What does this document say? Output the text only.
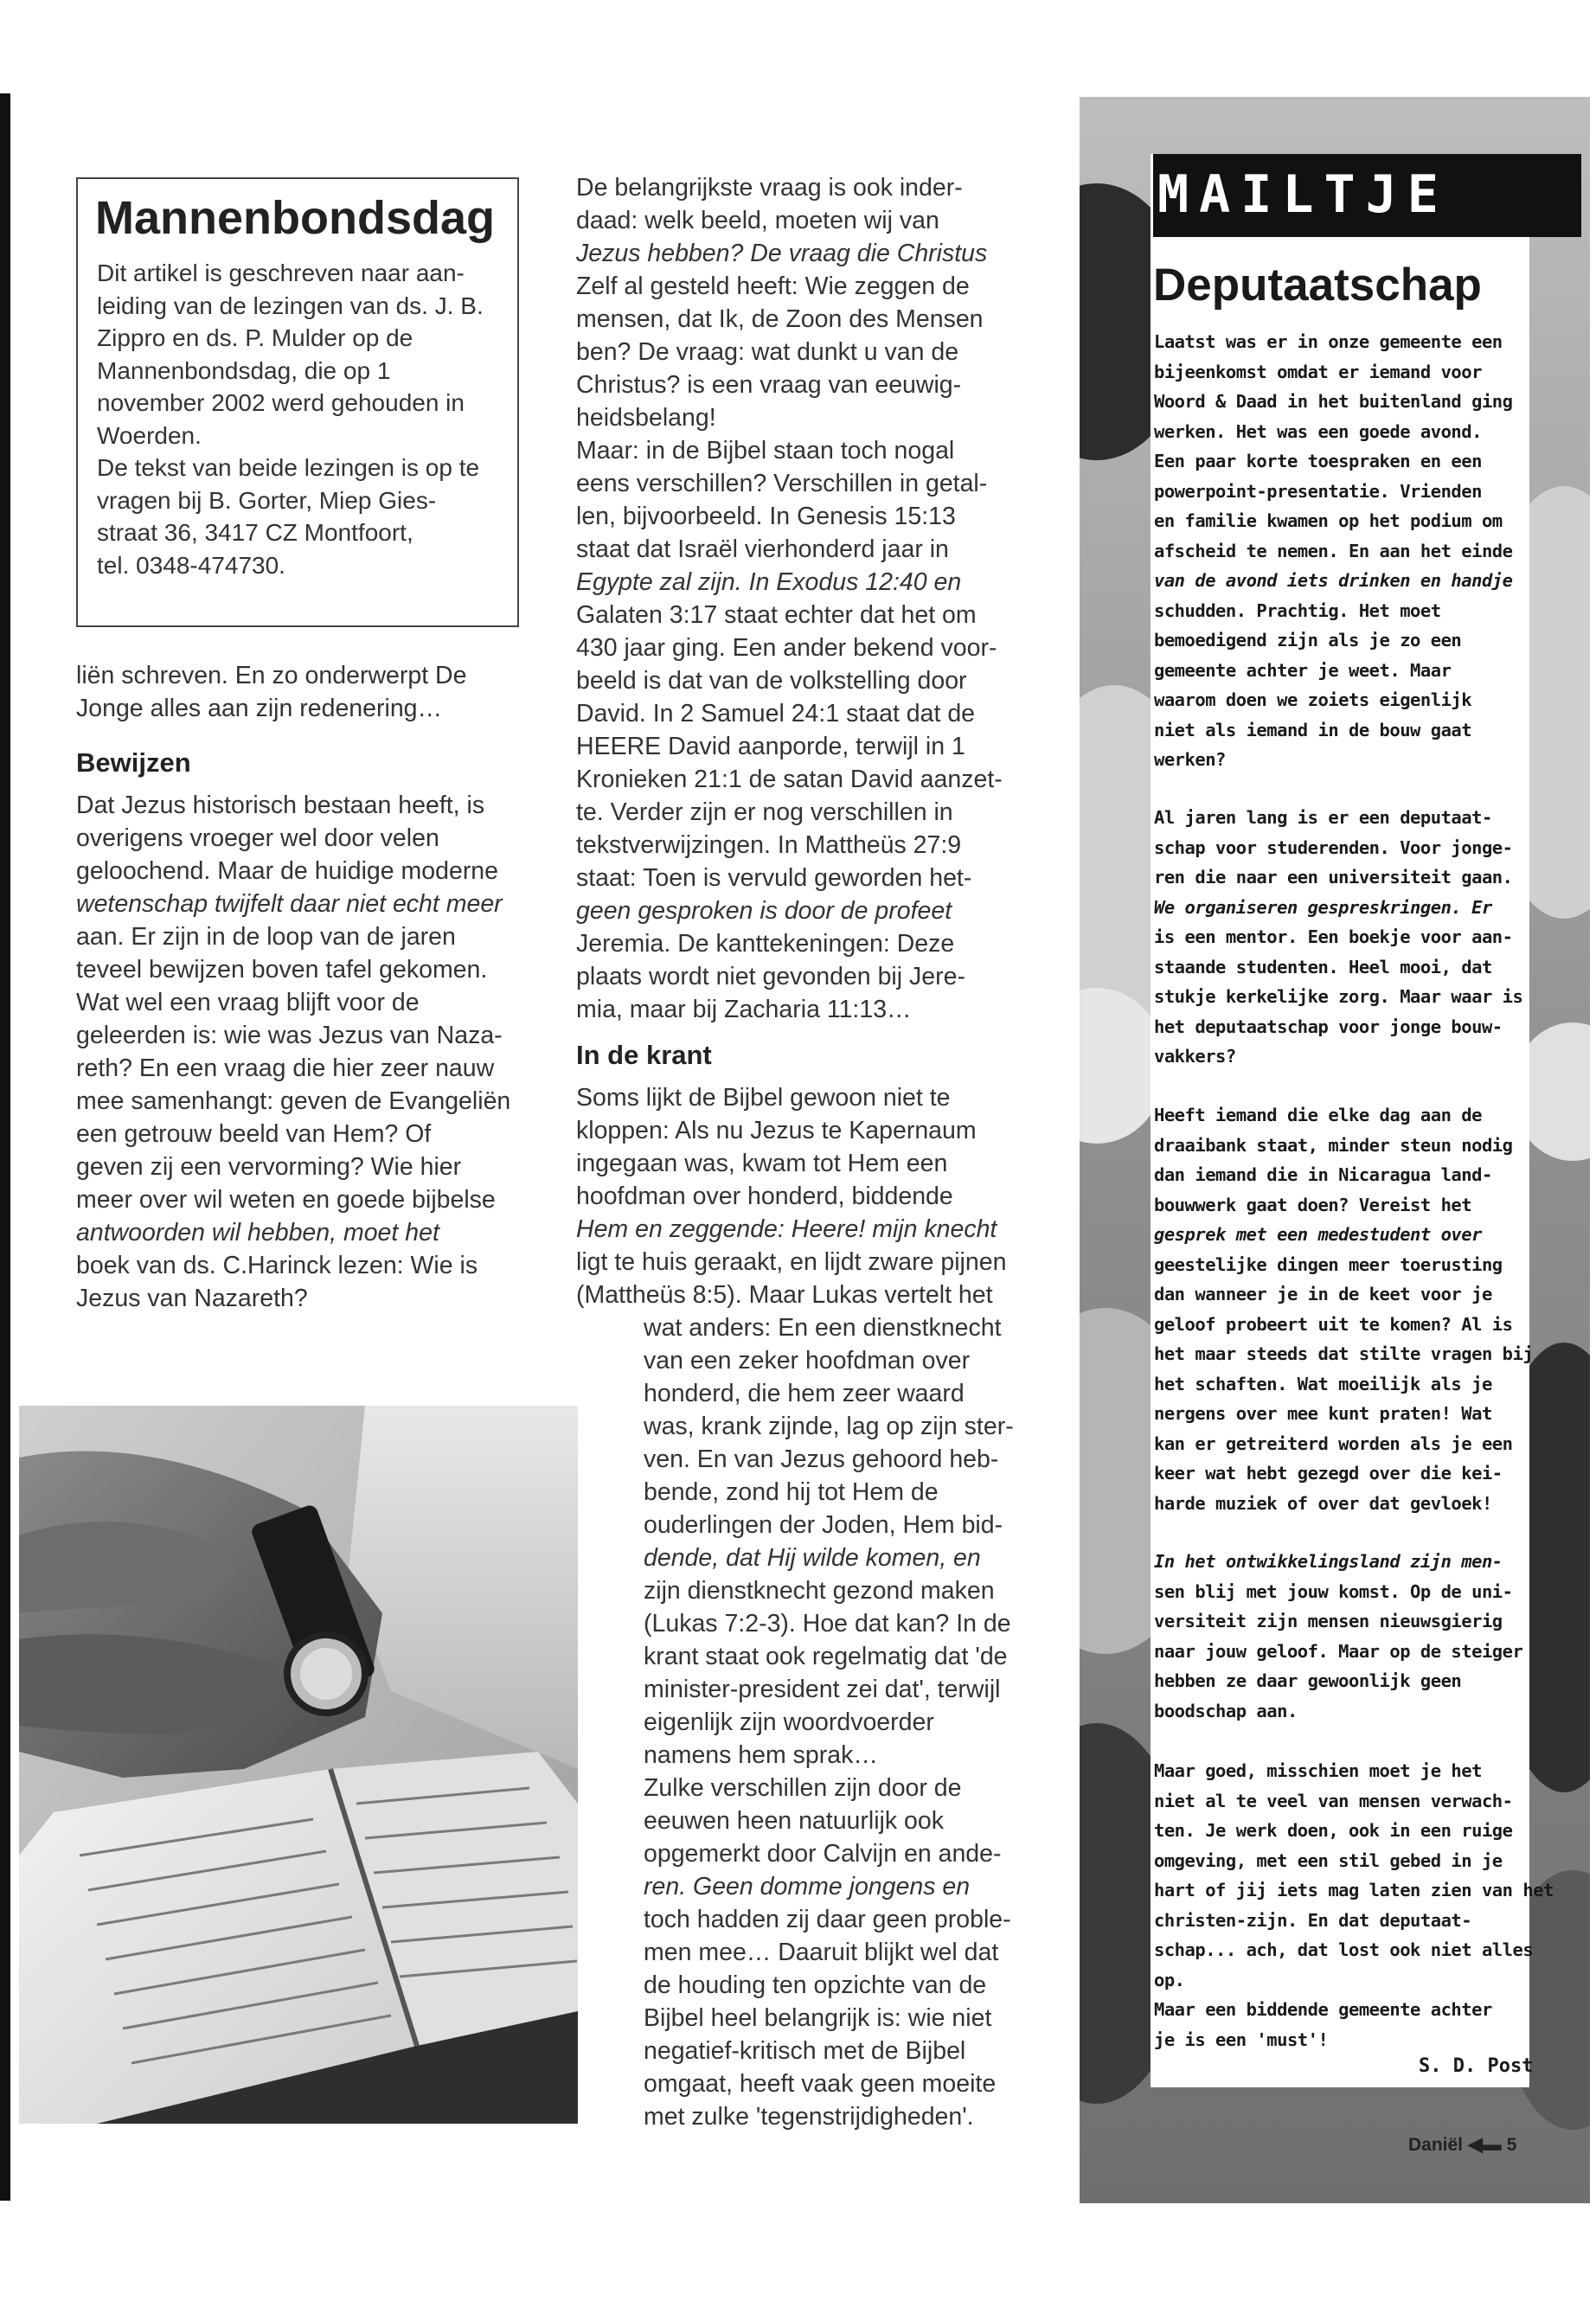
Mannenbondsdag
Dit artikel is geschreven naar aan-
leiding van de lezingen van ds. J. B.
Zippro en ds. P. Mulder op de
Mannenbondsdag, die op 1
november 2002 werd gehouden in
Woerden.
De tekst van beide lezingen is op te
vragen bij B. Gorter, Miep Gies-
straat 36, 3417 CZ Montfoort,
tel. 0348-474730.
liën schreven. En zo onderwerpt De
Jonge alles aan zijn redenering…
Bewijzen
Dat Jezus historisch bestaan heeft, is
overigens vroeger wel door velen
geloochend. Maar de huidige moderne
wetenschap twijfelt daar niet echt meer
aan. Er zijn in de loop van de jaren
teveel bewijzen boven tafel gekomen.
Wat wel een vraag blijft voor de
geleerden is: wie was Jezus van Naza-
reth? En een vraag die hier zeer nauw
mee samenhangt: geven de Evangeliën
een getrouw beeld van Hem? Of
geven zij een vervorming? Wie hier
meer over wil weten en goede bijbelse
antwoorden wil hebben, moet het
boek van ds. C.Harinck lezen: Wie is
Jezus van Nazareth?
De belangrijkste vraag is ook inder-
daad: welk beeld, moeten wij van
Jezus hebben? De vraag die Christus
Zelf al gesteld heeft: Wie zeggen de
mensen, dat Ik, de Zoon des Mensen
ben? De vraag: wat dunkt u van de
Christus? is een vraag van eeuwig-
heidsbelang!
Maar: in de Bijbel staan toch nogal
eens verschillen? Verschillen in getal-
len, bijvoorbeeld. In Genesis 15:13
staat dat Israël vierhonderd jaar in
Egypte zal zijn. In Exodus 12:40 en
Galaten 3:17 staat echter dat het om
430 jaar ging. Een ander bekend voor-
beeld is dat van de volkstelling door
David. In 2 Samuel 24:1 staat dat de
HEERE David aanporde, terwijl in 1
Kronieken 21:1 de satan David aanzet-
te. Verder zijn er nog verschillen in
tekstverwijzingen. In Mattheüs 27:9
staat: Toen is vervuld geworden het-
geen gesproken is door de profeet
Jeremia. De kanttekeningen: Deze
plaats wordt niet gevonden bij Jere-
mia, maar bij Zacharia 11:13…
In de krant
Soms lijkt de Bijbel gewoon niet te
kloppen: Als nu Jezus te Kapernaum
ingegaan was, kwam tot Hem een
hoofdman over honderd, biddende
Hem en zeggende: Heere! mijn knecht
ligt te huis geraakt, en lijdt zware pijnen
(Mattheüs 8:5). Maar Lukas vertelt het
wat anders: En een dienstknecht
van een zeker hoofdman over
honderd, die hem zeer waard
was, krank zijnde, lag op zijn ster-
ven. En van Jezus gehoord heb-
bende, zond hij tot Hem de
ouderlingen der Joden, Hem bid-
dende, dat Hij wilde komen, en
zijn dienstknecht gezond maken
(Lukas 7:2-3). Hoe dat kan? In de
krant staat ook regelmatig dat 'de
minister-president zei dat', terwijl
eigenlijk zijn woordvoerder
namens hem sprak…
Zulke verschillen zijn door de
eeuwen heen natuurlijk ook
opgemerkt door Calvijn en ande-
ren. Geen domme jongens en
toch hadden zij daar geen proble-
men mee… Daaruit blijkt wel dat
de houding ten opzichte van de
Bijbel heel belangrijk is: wie niet
negatief-kritisch met de Bijbel
omgaat, heeft vaak geen moeite
met zulke 'tegenstrijdigheden'.
MAILTJE
Deputaatschap
Laatst was er in onze gemeente een
bijeenkomst omdat er iemand voor
Woord & Daad in het buitenland ging
werken. Het was een goede avond.
Een paar korte toespraken en een
powerpoint-presentatie. Vrienden
en familie kwamen op het podium om
afscheid te nemen. En aan het einde
van de avond iets drinken en handje
schudden. Prachtig. Het moet
bemoedigend zijn als je zo een
gemeente achter je weet. Maar
waarom doen we zoiets eigenlijk
niet als iemand in de bouw gaat
werken?
Al jaren lang is er een deputaat-
schap voor studerenden. Voor jonge-
ren die naar een universiteit gaan.
We organiseren gespreskringen. Er
is een mentor. Een boekje voor aan-
staande studenten. Heel mooi, dat
stukje kerkelijke zorg. Maar waar is
het deputaatschap voor jonge bouw-
vakkers?
Heeft iemand die elke dag aan de
draaibank staat, minder steun nodig
dan iemand die in Nicaragua land-
bouwwerk gaat doen? Vereist het
gesprek met een medestudent over
geestelijke dingen meer toerusting
dan wanneer je in de keet voor je
geloof probeert uit te komen? Al is
het maar steeds dat stilte vragen bij
het schaften. Wat moeilijk als je
nergens over mee kunt praten! Wat
kan er getreiterd worden als je een
keer wat hebt gezegd over die kei-
harde muziek of over dat gevloek!
In het ontwikkelingsland zijn men-
sen blij met jouw komst. Op de uni-
versiteit zijn mensen nieuwsgierig
naar jouw geloof. Maar op de steiger
hebben ze daar gewoonlijk geen
boodschap aan.
Maar goed, misschien moet je het
niet al te veel van mensen verwach-
ten. Je werk doen, ook in een ruige
omgeving, met een stil gebed in je
hart of jij iets mag laten zien van het
christen-zijn. En dat deputaat-
schap... ach, dat lost ook niet alles
op.
Maar een biddende gemeente achter
je is een 'must'!

S. D. Post

Daniël ◀▬ 5
